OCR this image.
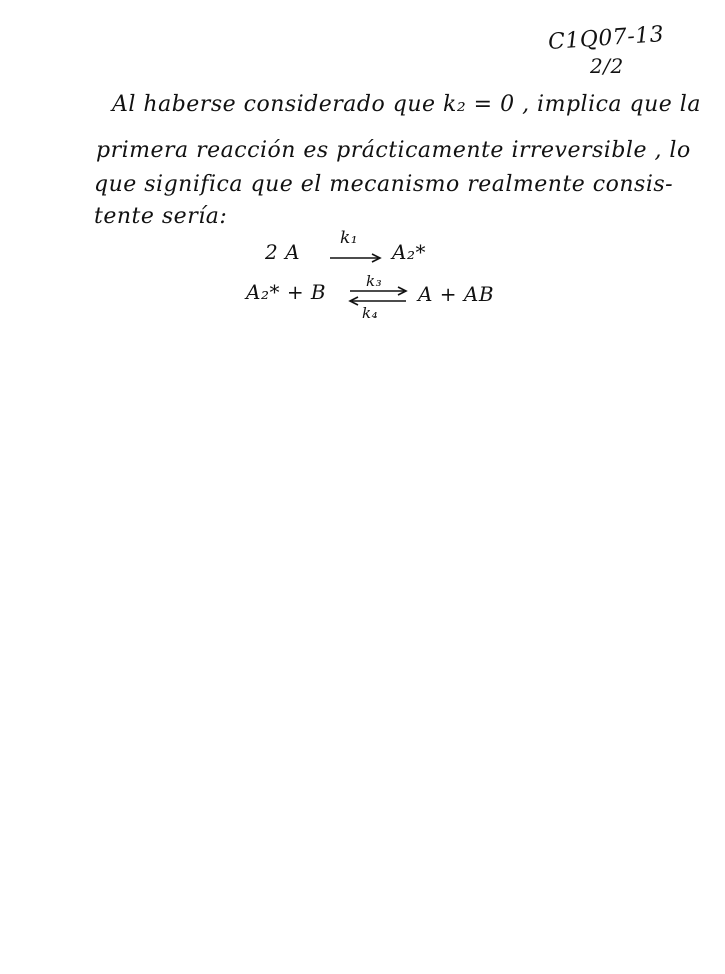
C1Q07-13
2/2
Al haberse considerado que k₂ = 0 , implica que la
primera reacción es prácticamente irreversible , lo
que significa que el mecanismo realmente consis-
tente sería:
2 A
k₁
A₂*
A₂* + B	k₃
k₄
A + AB
